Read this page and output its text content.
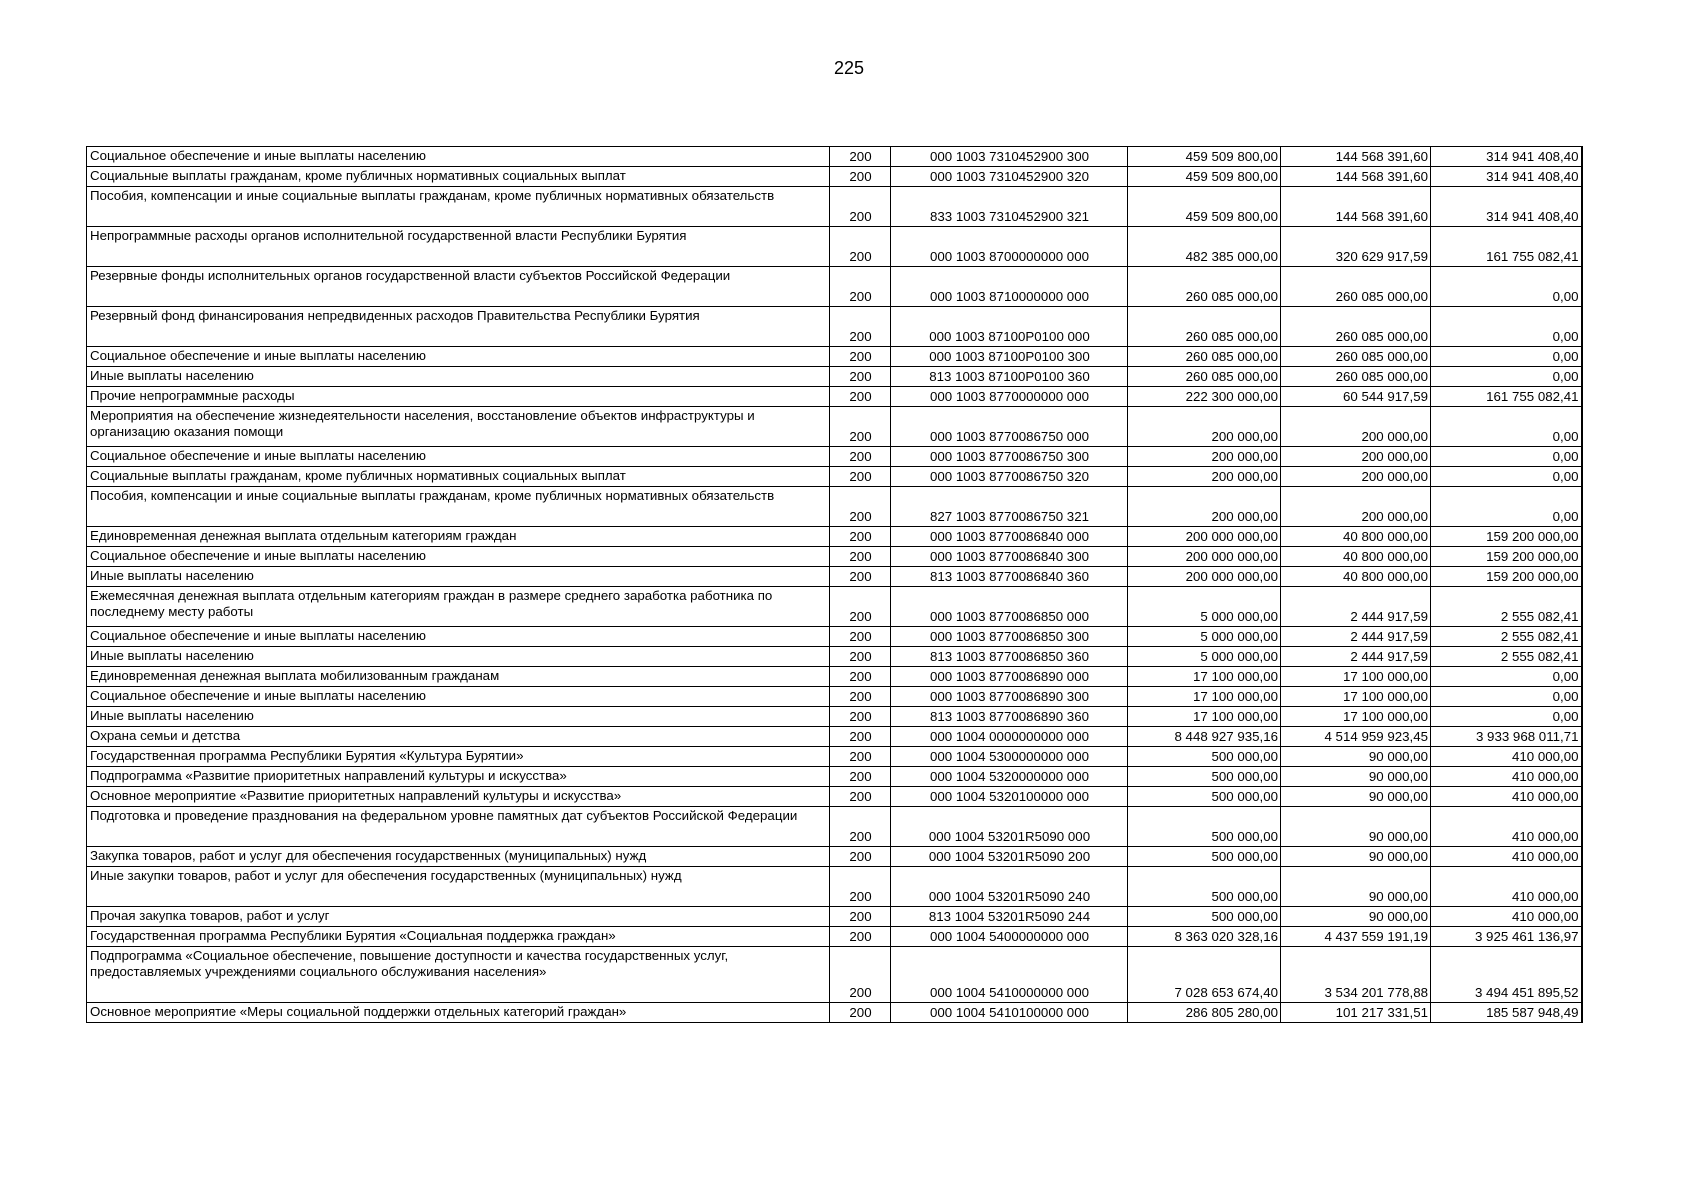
225
Социальное обеспечение и иные выплаты населению	200	000 1003 7310452900 300	459 509 800,00	144 568 391,60	314 941 408,40
Социальные выплаты гражданам, кроме публичных нормативных социальных выплат	200	000 1003 7310452900 320	459 509 800,00	144 568 391,60	314 941 408,40
Пособия, компенсации и иные социальные выплаты гражданам, кроме публичных нормативных обязательств	200	833 1003 7310452900 321	459 509 800,00	144 568 391,60	314 941 408,40
Непрограммные расходы органов исполнительной государственной власти Республики Бурятия	200	000 1003 8700000000 000	482 385 000,00	320 629 917,59	161 755 082,41
Резервные фонды исполнительных органов государственной власти субъектов Российской Федерации	200	000 1003 8710000000 000	260 085 000,00	260 085 000,00	0,00
Резервный фонд финансирования непредвиденных расходов Правительства Республики Бурятия	200	000 1003 87100P0100 000	260 085 000,00	260 085 000,00	0,00
Социальное обеспечение и иные выплаты населению	200	000 1003 87100P0100 300	260 085 000,00	260 085 000,00	0,00
Иные выплаты населению	200	813 1003 87100P0100 360	260 085 000,00	260 085 000,00	0,00
Прочие непрограммные расходы	200	000 1003 8770000000 000	222 300 000,00	60 544 917,59	161 755 082,41
Мероприятия на обеспечение жизнедеятельности населения, восстановление объектов инфраструктуры и организацию оказания помощи	200	000 1003 8770086750 000	200 000,00	200 000,00	0,00
Социальное обеспечение и иные выплаты населению	200	000 1003 8770086750 300	200 000,00	200 000,00	0,00
Социальные выплаты гражданам, кроме публичных нормативных социальных выплат	200	000 1003 8770086750 320	200 000,00	200 000,00	0,00
Пособия, компенсации и иные социальные выплаты гражданам, кроме публичных нормативных обязательств	200	827 1003 8770086750 321	200 000,00	200 000,00	0,00
Единовременная денежная выплата отдельным категориям граждан	200	000 1003 8770086840 000	200 000 000,00	40 800 000,00	159 200 000,00
Социальное обеспечение и иные выплаты населению	200	000 1003 8770086840 300	200 000 000,00	40 800 000,00	159 200 000,00
Иные выплаты населению	200	813 1003 8770086840 360	200 000 000,00	40 800 000,00	159 200 000,00
Ежемесячная денежная выплата отдельным категориям граждан в размере среднего заработка работника по последнему месту работы	200	000 1003 8770086850 000	5 000 000,00	2 444 917,59	2 555 082,41
Социальное обеспечение и иные выплаты населению	200	000 1003 8770086850 300	5 000 000,00	2 444 917,59	2 555 082,41
Иные выплаты населению	200	813 1003 8770086850 360	5 000 000,00	2 444 917,59	2 555 082,41
Единовременная денежная выплата мобилизованным гражданам	200	000 1003 8770086890 000	17 100 000,00	17 100 000,00	0,00
Социальное обеспечение и иные выплаты населению	200	000 1003 8770086890 300	17 100 000,00	17 100 000,00	0,00
Иные выплаты населению	200	813 1003 8770086890 360	17 100 000,00	17 100 000,00	0,00
Охрана семьи и детства	200	000 1004 0000000000 000	8 448 927 935,16	4 514 959 923,45	3 933 968 011,71
Государственная программа Республики Бурятия «Культура Бурятии»	200	000 1004 5300000000 000	500 000,00	90 000,00	410 000,00
Подпрограмма «Развитие приоритетных направлений культуры и искусства»	200	000 1004 5320000000 000	500 000,00	90 000,00	410 000,00
Основное мероприятие «Развитие приоритетных направлений культуры и искусства»	200	000 1004 5320100000 000	500 000,00	90 000,00	410 000,00
Подготовка и проведение празднования на федеральном уровне памятных дат субъектов Российской Федерации	200	000 1004 53201R5090 000	500 000,00	90 000,00	410 000,00
Закупка товаров, работ и услуг для обеспечения государственных (муниципальных) нужд	200	000 1004 53201R5090 200	500 000,00	90 000,00	410 000,00
Иные закупки товаров, работ и услуг для обеспечения государственных (муниципальных) нужд	200	000 1004 53201R5090 240	500 000,00	90 000,00	410 000,00
Прочая закупка товаров, работ и услуг	200	813 1004 53201R5090 244	500 000,00	90 000,00	410 000,00
Государственная программа Республики Бурятия «Социальная поддержка граждан»	200	000 1004 5400000000 000	8 363 020 328,16	4 437 559 191,19	3 925 461 136,97
Подпрограмма «Социальное обеспечение, повышение доступности и качества государственных услуг, предоставляемых учреждениями социального обслуживания населения»	200	000 1004 5410000000 000	7 028 653 674,40	3 534 201 778,88	3 494 451 895,52
Основное мероприятие «Меры социальной поддержки отдельных категорий граждан»	200	000 1004 5410100000 000	286 805 280,00	101 217 331,51	185 587 948,49
